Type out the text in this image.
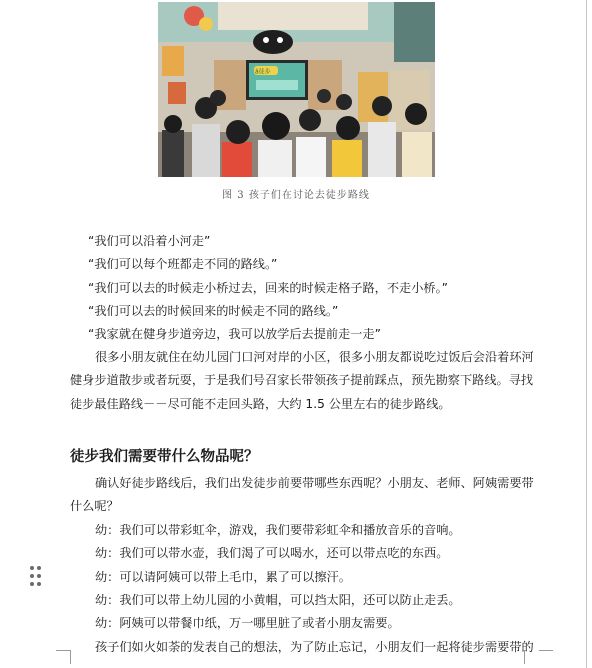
ǎ徒步
图 3 孩子们在讨论去徒步路线
“我们可以沿着小河走”
“我们可以每个班都走不同的路线。”
“我们可以去的时候走小桥过去，回来的时候走格子路，不走小桥。”
“我们可以去的时候回来的时候走不同的路线。”
“我家就在健身步道旁边，我可以放学后去提前走一走”
很多小朋友就住在幼儿园门口河对岸的小区，很多小朋友都说吃过饭后会沿着环河
健身步道散步或者玩耍，于是我们号召家长带领孩子提前踩点，预先勘察下路线。寻找
徒步最佳路线－－尽可能不走回头路，大约 1.5 公里左右的徒步路线。
徒步我们需要带什么物品呢？
确认好徒步路线后，我们出发徒步前要带哪些东西呢？小朋友、老师、阿姨需要带
什么呢？
幼：我们可以带彩虹伞，游戏，我们要带彩虹伞和播放音乐的音响。
幼：我们可以带水壶，我们渴了可以喝水，还可以带点吃的东西。
幼：可以请阿姨可以带上毛巾，累了可以擦汗。
幼：我们可以带上幼儿园的小黄帽，可以挡太阳，还可以防止走丢。
幼：阿姨可以带餐巾纸，万一哪里脏了或者小朋友需要。
孩子们如火如荼的发表自己的想法，为了防止忘记，小朋友们一起将徒步需要带的
